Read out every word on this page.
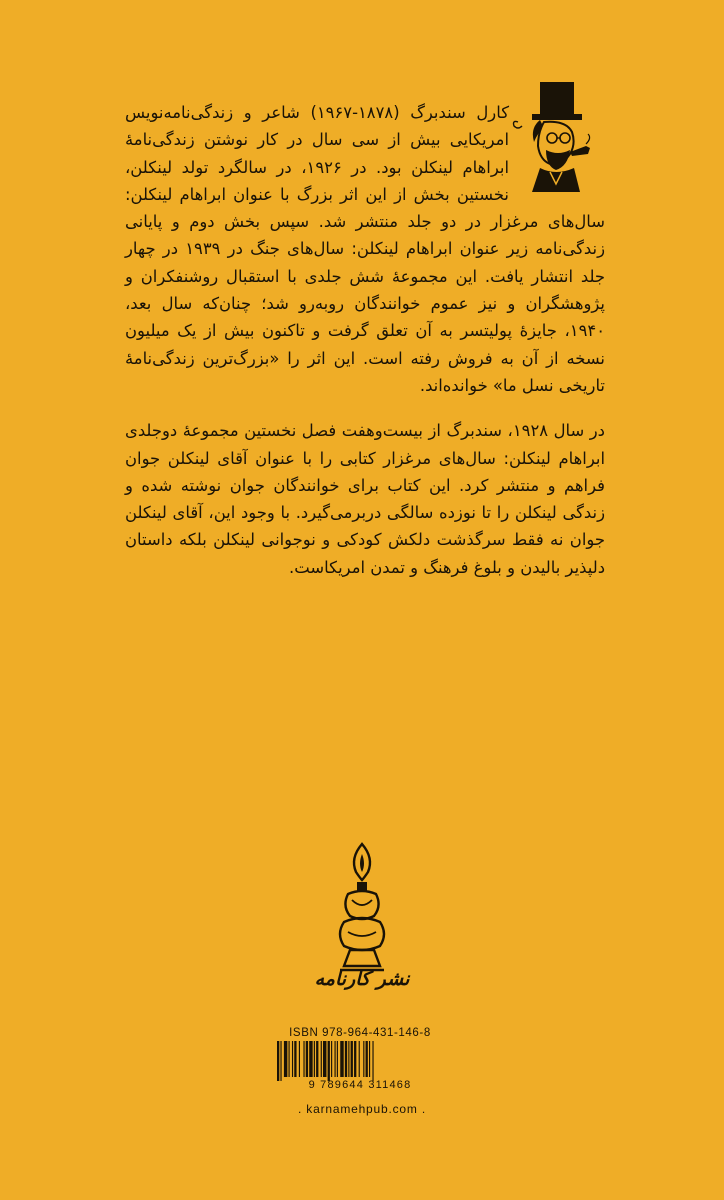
کارل سندبرگ (۱۸۷۸-۱۹۶۷) شاعر و زندگی‌نامه‌نویس امریکایی بیش از سی سال در کار نوشتن زندگی‌نامهٔ ابراهام لینکلن بود. در ۱۹۲۶، در سالگرد تولد لینکلن، نخستین بخش از این اثر بزرگ با عنوان ابراهام لینکلن: سال‌های مرغزار در دو جلد منتشر شد. سپس بخش دوم و پایانی زندگی‌نامه زیر عنوان ابراهام لینکلن: سال‌های جنگ در ۱۹۳۹ در چهار جلد انتشار یافت. این مجموعهٔ شش جلدی با استقبال روشنفکران و پژوهشگران و نیز عموم خوانندگان روبه‌رو شد؛ چنان‌که سال بعد، ۱۹۴۰، جایزهٔ پولیتسر به آن تعلق گرفت و تاکنون بیش از یک میلیون نسخه از آن به فروش رفته است. این اثر را «بزرگ‌ترین زندگی‌نامهٔ تاریخی نسل ما» خوانده‌اند.

در سال ۱۹۲۸، سندبرگ از بیست‌وهفت فصل نخستین مجموعهٔ دوجلدی ابراهام لینکلن: سال‌های مرغزار کتابی را با عنوان آقای لینکلن جوان فراهم و منتشر کرد. این کتاب برای خوانندگان جوان نوشته شده و زندگی لینکلن را تا نوزده سالگی دربرمی‌گیرد. با وجود این، آقای لینکلن جوان نه فقط سرگذشت دلکش کودکی و نوجوانی لینکلن بلکه داستان دلپذیر بالیدن و بلوغ فرهنگ و تمدن امریکاست.

نشر کارنامه
ISBN 978-964-431-146-8
9 789644 311468
. karnamehpub.com .
